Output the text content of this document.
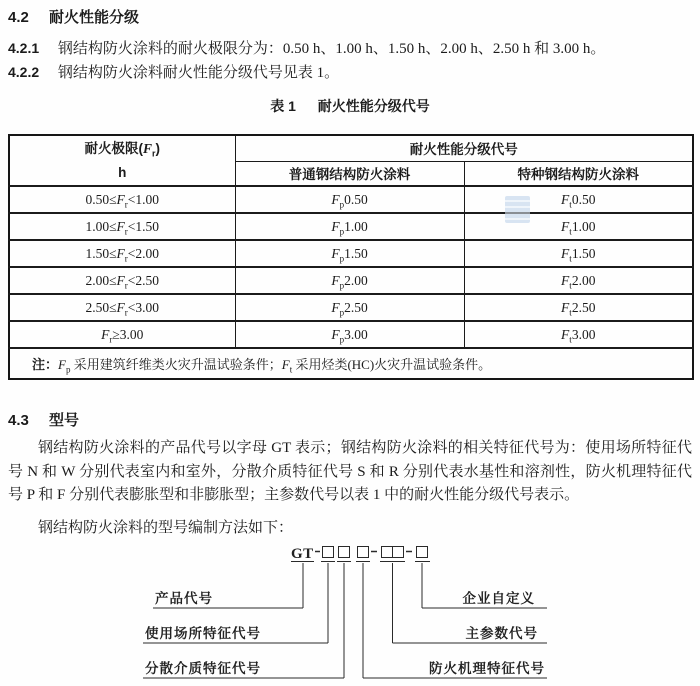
4.2 耐火性能分级
4.2.1 钢结构防火涂料的耐火极限分为：0.50 h、1.00 h、1.50 h、2.00 h、2.50 h 和 3.00 h。
4.2.2 钢结构防火涂料耐火性能分级代号见表 1。
表 1 耐火性能分级代号
耐火极限$(F_r)$
h	耐火性能分级代号	
	普通钢结构防火涂料	特种钢结构防火涂料
$0.50\le F_r<1.00$	$F_p0.50$	$F_t0.50$
$1.00\le F_r<1.50$	$F_p1.00$	$F_t1.00$
$1.50\le F_r<2.00$	$F_p1.50$	$F_t1.50$
$2.00\le F_r<2.50$	$F_p2.00$	$F_t2.00$
$2.50\le F_r<3.00$	$F_p2.50$	$F_t2.50$
$F_r\ge 3.00$	$F_p3.00$	$F_t3.00$
注：$F_p$ 采用建筑纤维类火灾升温试验条件；$F_t$ 采用烃类(HC)火灾升温试验条件。		
4.3 型号
钢结构防火涂料的产品代号以字母 GT 表示；钢结构防火涂料的相关特征代号为：使用场所特征代号 N 和 W 分别代表室内和室外，分散介质特征代号 S 和 R 分别代表水基性和溶剂性，防火机理特征代号 P 和 F 分别代表膨胀型和非膨胀型；主参数代号以表 1 中的耐火性能分级代号表示。
钢结构防火涂料的型号编制方法如下：
GT
产品代号
使用场所特征代号
分散介质特征代号
企业自定义
主参数代号
防火机理特征代号
